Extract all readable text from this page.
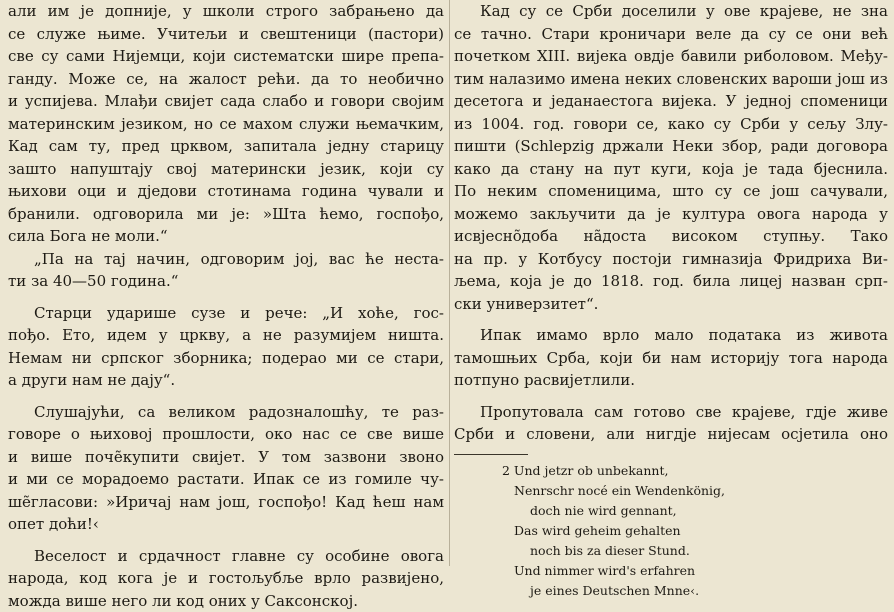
али им је допније, у школи строго забрањено да
се служе њиме. Учитељи и свештеници (пастори)
све су сами Нијемци, који систематски шире препа-
ганду. Може се, на жалост рећи. да то необично
и успијева. Млађи свијет сада слабо и говори својим
материнским језиком, но се махом служи њемачким,
Кад сам ту, пред црквом, запитала једну старицу
зашто напуштају свој матерински језик, који су
њихови оци и дједови стотинама година чували и
бранили. одговорила ми је: »Шта ћемо, госпођо,
сила Бога не моли.“
„Па на тај начин, одговорим јој, вас ће неста-
ти за 40—50 година.“
Старци ударише сузе и рече: „И хоће, гос-
пођо. Ето, идем у цркву, а не разумијем ништа.
Немам ни српског зборника; подерао ми се стари,
а други нам не дају“.
Слушајући, са великом радозналошћу, те раз-
говоре о њиховој прошлости, око нас се све више
и више поче̃купити свијет. У том зазвони звоно
и ми се морадоемо растати. Ипак се из гомиле чу-
ше̃гласови: »Иричај нам још, госпођо! Кад ћеш нам
опет доћи!‹
Веселост и срдачност главне су особине овога
народа, код кога је и гостољубље врло развијено,
можда више него ли код оних у Саксонској.
Кад су се Срби доселили у ове крајеве, не зна
се тачно. Стари кроничари веле да су се они већ
почетком XIII. вијека овдје бавили риболовом. Међу-
тим налазимо имена неких словенских вароши још из
десетога и једанаестога вијека. У једној споменици
из 1004. год. говори се, како су Срби у сељу Злу-
пишти (Schlepzig држали Неки збор, ради договора
како да стану на пут куги, која је тада бјеснила.
По неким споменицима, што су се још сачували,
можемо закључити да је култура овога народа у
исвјесно̃доба на̃доста високом ступњу. Тако
на пр. у Котбусу постоји гимназија Фридриха Ви-
љема, која је до 1818. год. била лицеј назван срп-
ски универзитет“.
Ипак имамо врло мало података из живота
тамошњих Срба, који би нам историју тога народа
потпуно расвијетлили.
Пропутовала сам готово све крајеве, гдје живе
Срби и словени, али нигдје нијесам осјетила оно
2 Und jetzr ob unbekannt,
Nenrschr nocé ein Wendenkönig,
doch nie wird gennant,
Das wird geheim gehalten
noch bis za dieser Stund.
Und nimmer wird's erfahren
je eines Deutschen Mnne‹.
